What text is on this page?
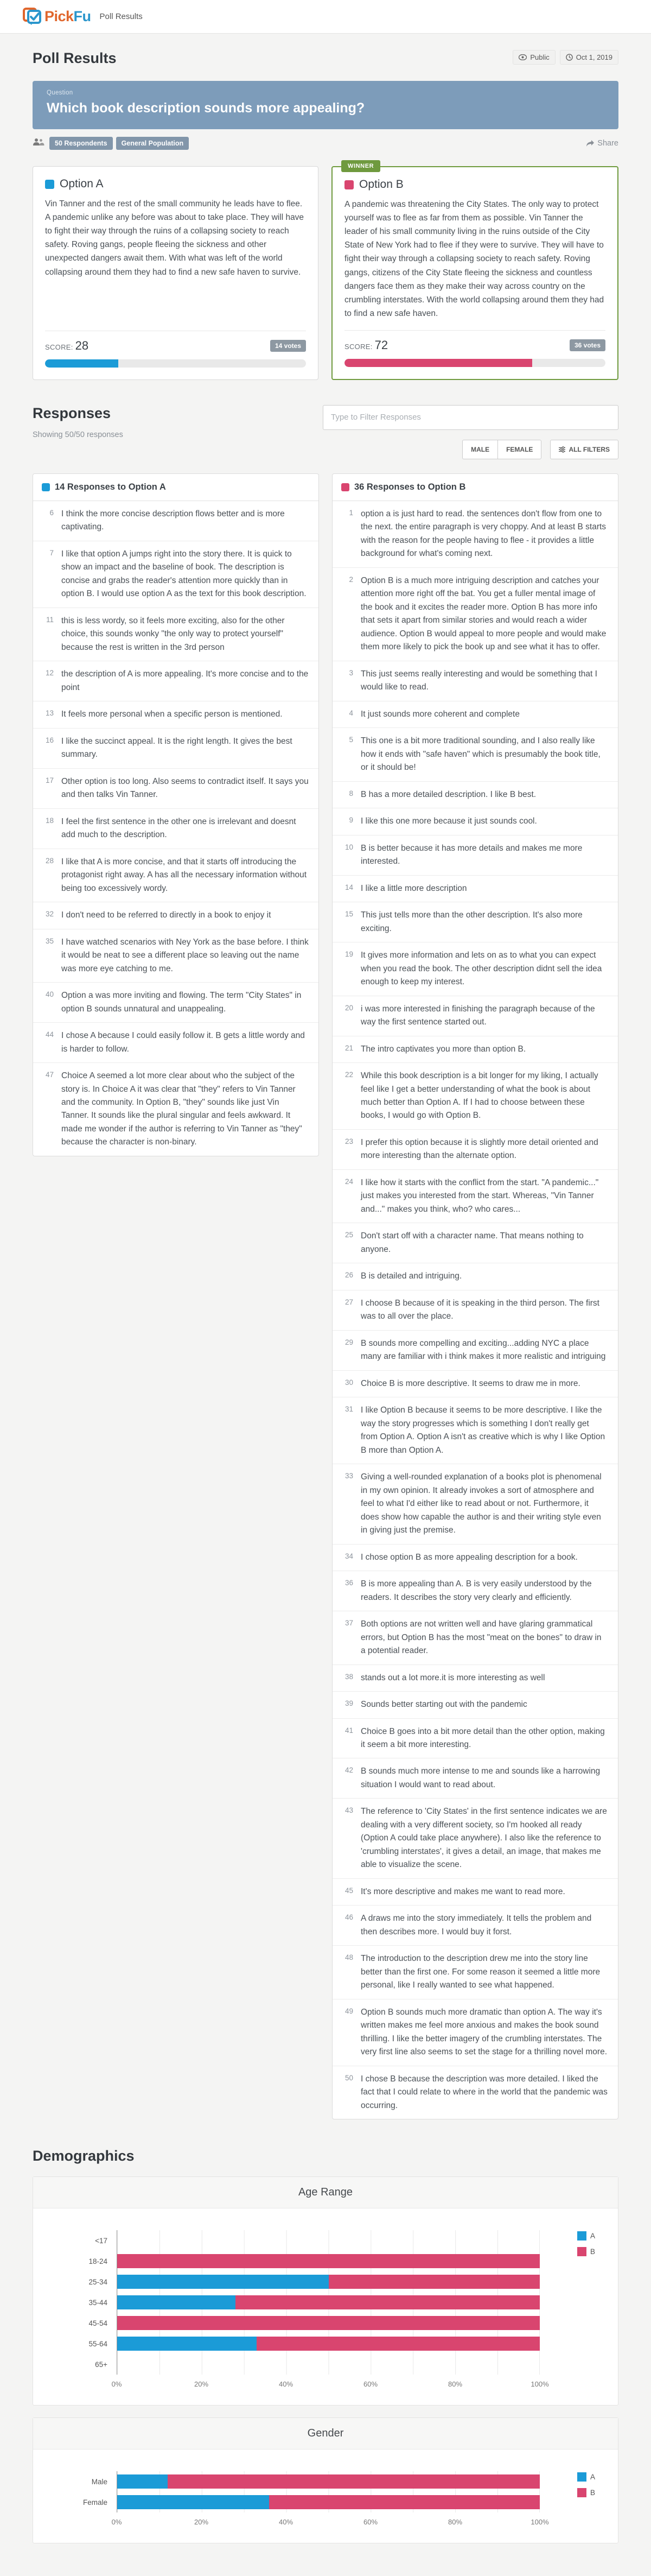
PickFu Poll Results
Poll Results	Public	Oct 1, 2019
Question
Which book description sounds more appealing?
50 Respondents	General Population	Share
Option A

Vin Tanner and the rest of the small community he leads have to flee. A pandemic unlike any before was about to take place. They will have to fight their way through the ruins of a collapsing society to reach safety. Roving gangs, people fleeing the sickness and other unexpected dangers await them. With what was left of the world collapsing around them they had to find a new safe haven to survive.

SCORE: 28	14 votes
WINNER
Option B

A pandemic was threatening the City States. The only way to protect yourself was to flee as far from them as possible. Vin Tanner the leader of his small community living in the ruins outside of the City State of New York had to flee if they were to survive. They will have to fight their way through a collapsing society to reach safety. Roving gangs, citizens of the City State fleeing the sickness and countless dangers face them as they make their way across country on the crumbling interstates. With the world collapsing around them they had to find a new safe haven.

SCORE: 72	36 votes
Responses
Showing 50/50 responses
Type to Filter Responses
MALE	FEMALE	ALL FILTERS
14 Responses to Option A
6 I think the more concise description flows better and is more captivating.
7 I like that option A jumps right into the story there. It is quick to show an impact and the baseline of book. The description is concise and grabs the reader's attention more quickly than in option B. I would use option A as the text for this book description.
11 this is less wordy, so it feels more exciting, also for the other choice, this sounds wonky "the only way to protect yourself" because the rest is written in the 3rd person
12 the description of A is more appealing. It's more concise and to the point
13 It feels more personal when a specific person is mentioned.
16 I like the succinct appeal. It is the right length. It gives the best summary.
17 Other option is too long. Also seems to contradict itself. It says you and then talks Vin Tanner.
18 I feel the first sentence in the other one is irrelevant and doesnt add much to the description.
28 I like that A is more concise, and that it starts off introducing the protagonist right away. A has all the necessary information without being too excessively wordy.
32 I don't need to be referred to directly in a book to enjoy it
35 I have watched scenarios with Ney York as the base before. I think it would be neat to see a different place so leaving out the name was more eye catching to me.
40 Option a was more inviting and flowing. The term "City States" in option B sounds unnatural and unappealing.
44 I chose A because I could easily follow it. B gets a little wordy and is harder to follow.
47 Choice A seemed a lot more clear about who the subject of the story is. In Choice A it was clear that "they" refers to Vin Tanner and the community. In Option B, "they" sounds like just Vin Tanner. It sounds like the plural singular and feels awkward. It made me wonder if the author is referring to Vin Tanner as "they" because the character is non-binary.
36 Responses to Option B
1 option a is just hard to read. the sentences don't flow from one to the next. the entire paragraph is very choppy. And at least B starts with the reason for the people having to flee - it provides a little background for what's coming next.
2 Option B is a much more intriguing description and catches your attention more right off the bat. You get a fuller mental image of the book and it excites the reader more. Option B has more info that sets it apart from similar stories and would reach a wider audience. Option B would appeal to more people and would make them more likely to pick the book up and see what it has to offer.
3 This just seems really interesting and would be something that I would like to read.
4 It just sounds more coherent and complete
5 This one is a bit more traditional sounding, and I also really like how it ends with "safe haven" which is presumably the book title, or it should be!
8 B has a more detailed description. I like B best.
9 I like this one more because it just sounds cool.
10 B is better because it has more details and makes me more interested.
14 I like a little more description
15 This just tells more than the other description. It's also more exciting.
19 It gives more information and lets on as to what you can expect when you read the book. The other description didnt sell the idea enough to keep my interest.
20 i was more interested in finishing the paragraph because of the way the first sentence started out.
21 The intro captivates you more than option B.
22 While this book description is a bit longer for my liking, I actually feel like I get a better understanding of what the book is about much better than Option A. If I had to choose between these books, I would go with Option B.
23 I prefer this option because it is slightly more detail oriented and more interesting than the alternate option.
24 I like how it starts with the conflict from the start. "A pandemic..." just makes you interested from the start. Whereas, "Vin Tanner and..." makes you think, who? who cares...
25 Don't start off with a character name. That means nothing to anyone.
26 B is detailed and intriguing.
27 I choose B because of it is speaking in the third person. The first was to all over the place.
29 B sounds more compelling and exciting...adding NYC a place many are familiar with i think makes it more realistic and intriguing
30 Choice B is more descriptive. It seems to draw me in more.
31 I like Option B because it seems to be more descriptive. I like the way the story progresses which is something I don't really get from Option A. Option A isn't as creative which is why I like Option B more than Option A.
33 Giving a well-rounded explanation of a books plot is phenomenal in my own opinion. It already invokes a sort of atmosphere and feel to what I'd either like to read about or not. Furthermore, it does show how capable the author is and their writing style even in giving just the premise.
34 I chose option B as more appealing description for a book.
36 B is more appealing than A. B is very easily understood by the readers. It describes the story very clearly and efficiently.
37 Both options are not written well and have glaring grammatical errors, but Option B has the most "meat on the bones" to draw in a potential reader.
38 stands out a lot more.it is more interesting as well
39 Sounds better starting out with the pandemic
41 Choice B goes into a bit more detail than the other option, making it seem a bit more interesting.
42 B sounds much more intense to me and sounds like a harrowing situation I would want to read about.
43 The reference to 'City States' in the first sentence indicates we are dealing with a very different society, so I'm hooked all ready (Option A could take place anywhere). I also like the reference to 'crumbling interstates', it gives a detail, an image, that makes me able to visualize the scene.
45 It's more descriptive and makes me want to read more.
46 A draws me into the story immediately. It tells the problem and then describes more. I would buy it forst.
48 The introduction to the description drew me into the story line better than the first one. For some reason it seemed a little more personal, like I really wanted to see what happened.
49 Option B sounds much more dramatic than option A. The way it's written makes me feel more anxious and makes the book sound thrilling. I like the better imagery of the crumbling interstates. The very first line also seems to set the stage for a thrilling novel more.
50 I chose B because the description was more detailed. I liked the fact that I could relate to where in the world that the pandemic was occurring.
Demographics
Age Range
<17
18-24
25-34
35-44
45-54
55-64
65+
0%	20%	40%	60%	80%	100%
A
B
Gender
Male
Female
0%	20%	40%	60%	80%	100%
A
B
